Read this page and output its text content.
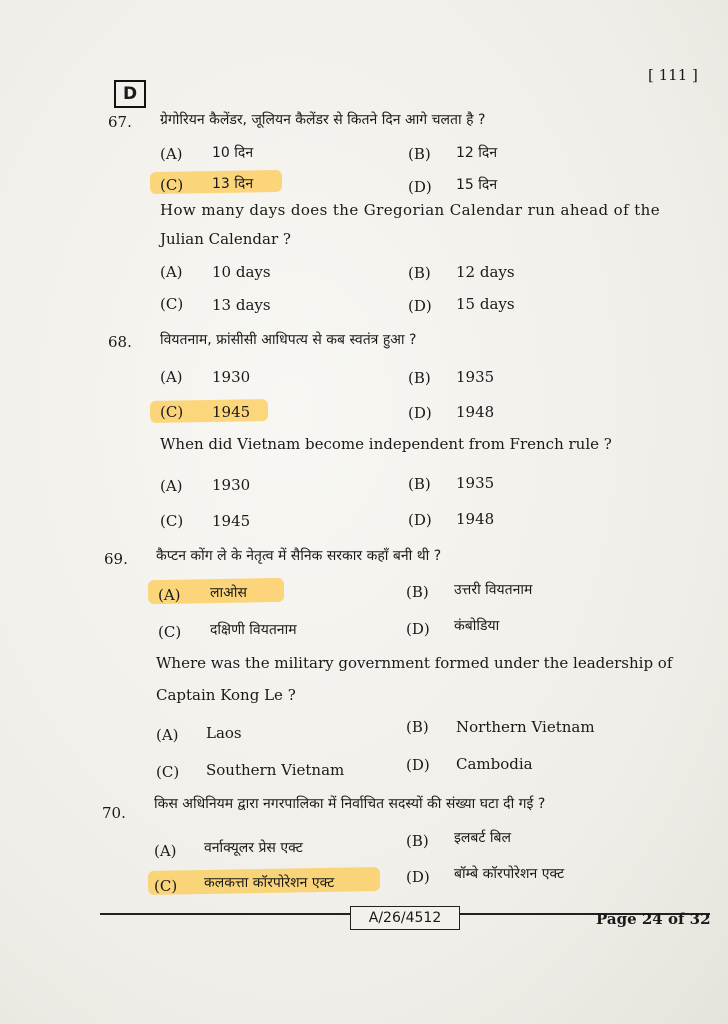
D
[ 111 ]
67. ग्रेगोरियन कैलेंडर, जूलियन कैलेंडर से कितने दिन आगे चलता है ?
(A) 10 दिन	(B) 12 दिन
(C) 13 दिन	(D) 15 दिन
How many days does the Gregorian Calendar run ahead of the
Julian Calendar ?
(A) 10 days	(B) 12 days
(C) 13 days	(D) 15 days
68. वियतनाम, फ्रांसीसी आधिपत्य से कब स्वतंत्र हुआ ?
(A) 1930	(B) 1935
(C) 1945	(D) 1948
When did Vietnam become independent from French rule ?
(A) 1930	(B) 1935
(C) 1945	(D) 1948
69. कैप्टन कोंग ले के नेतृत्व में सैनिक सरकार कहाँ बनी थी ?
(A) लाओस	(B) उत्तरी वियतनाम
(C) दक्षिणी वियतनाम	(D) कंबोडिया
Where was the military government formed under the leadership of
Captain Kong Le ?
(A) Laos	(B) Northern Vietnam
(C) Southern Vietnam	(D) Cambodia
70. किस अधिनियम द्वारा नगरपालिका में निर्वाचित सदस्यों की संख्या घटा दी गई ?
(A) वर्नाक्यूलर प्रेस एक्ट	(B) इलबर्ट बिल
(C) कलकत्ता कॉरपोरेशन एक्ट	(D) बॉम्बे कॉरपोरेशन एक्ट
A/26/4512	Page 24 of 32
